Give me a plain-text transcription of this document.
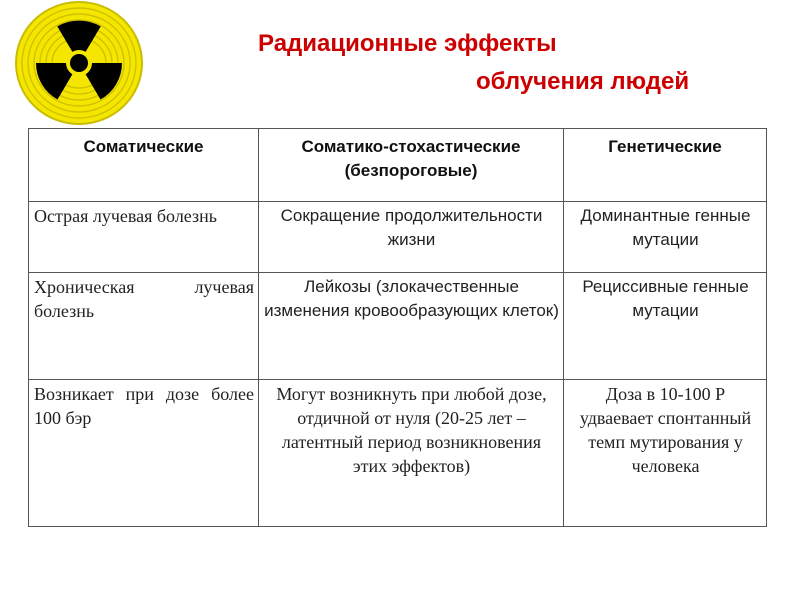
Радиационные эффекты
облучения людей
Соматические	Соматико-стохастические (безпороговые)	Генетические

Острая лучевая болезнь	Сокращение продолжительности жизни	Доминантные генные мутации

Хроническая лучевая болезнь	Лейкозы (злокачественные изменения кровообразующих клеток)	Рециссивные генные мутации

Возникает при дозе более 100 бэр	Могут возникнуть при любой дозе, отдичной от нуля (20-25 лет – латентный период возникновения этих эффектов)	Доза в 10-100 Р удваевает спонтанный темп мутирования у человека
